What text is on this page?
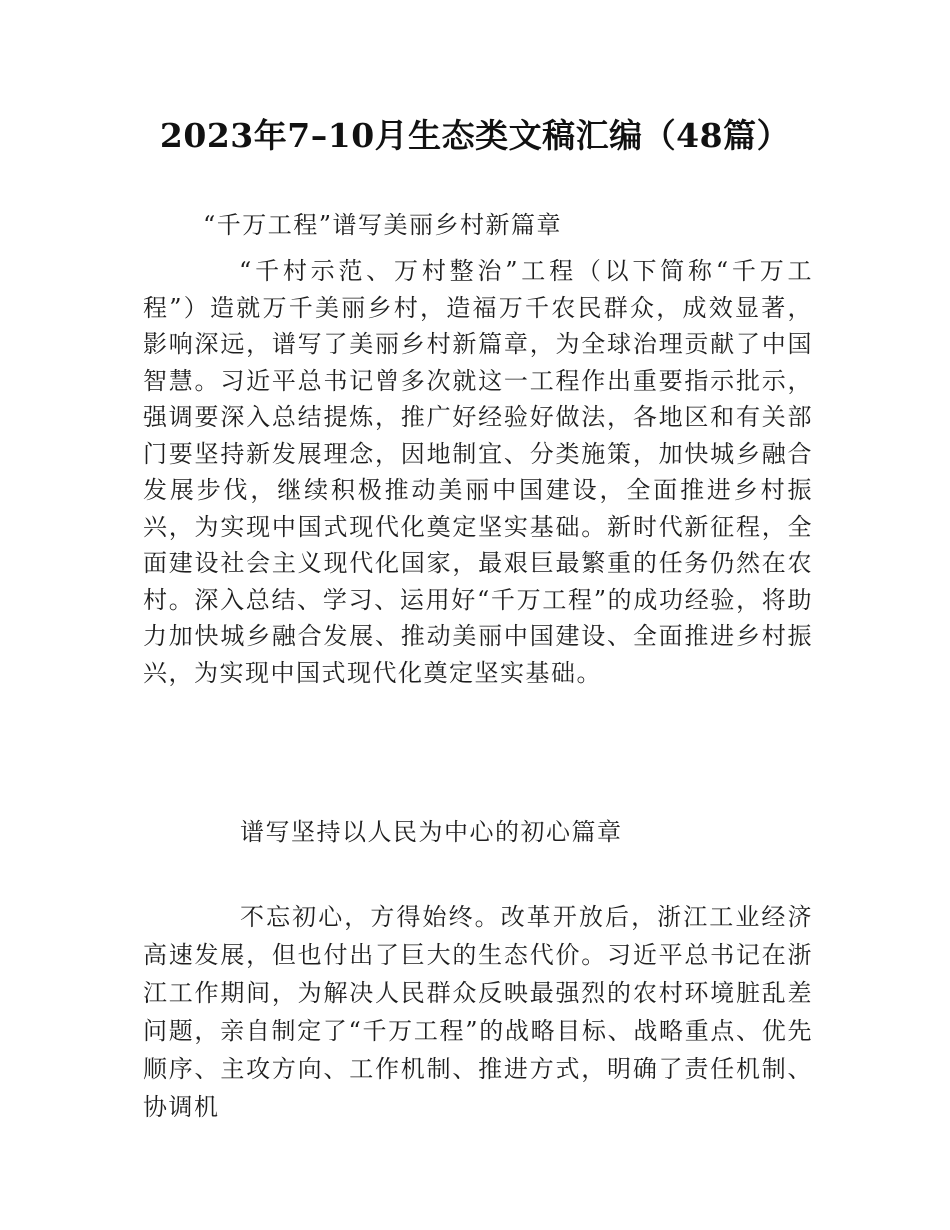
2023年7–10月生态类文稿汇编（48篇）
“千万工程”谱写美丽乡村新篇章
“千村示范、万村整治”工程（以下简称“千万工程”）造就万千美丽乡村，造福万千农民群众，成效显著，影响深远，谱写了美丽乡村新篇章，为全球治理贡献了中国智慧。习近平总书记曾多次就这一工程作出重要指示批示，强调要深入总结提炼，推广好经验好做法，各地区和有关部门要坚持新发展理念，因地制宜、分类施策，加快城乡融合发展步伐，继续积极推动美丽中国建设，全面推进乡村振兴，为实现中国式现代化奠定坚实基础。新时代新征程，全面建设社会主义现代化国家，最艰巨最繁重的任务仍然在农村。深入总结、学习、运用好“千万工程”的成功经验，将助力加快城乡融合发展、推动美丽中国建设、全面推进乡村振兴，为实现中国式现代化奠定坚实基础。
谱写坚持以人民为中心的初心篇章
不忘初心，方得始终。改革开放后，浙江工业经济高速发展，但也付出了巨大的生态代价。习近平总书记在浙江工作期间，为解决人民群众反映最强烈的农村环境脏乱差问题，亲自制定了“千万工程”的战略目标、战略重点、优先顺序、主攻方向、工作机制、推进方式，明确了责任机制、协调机
